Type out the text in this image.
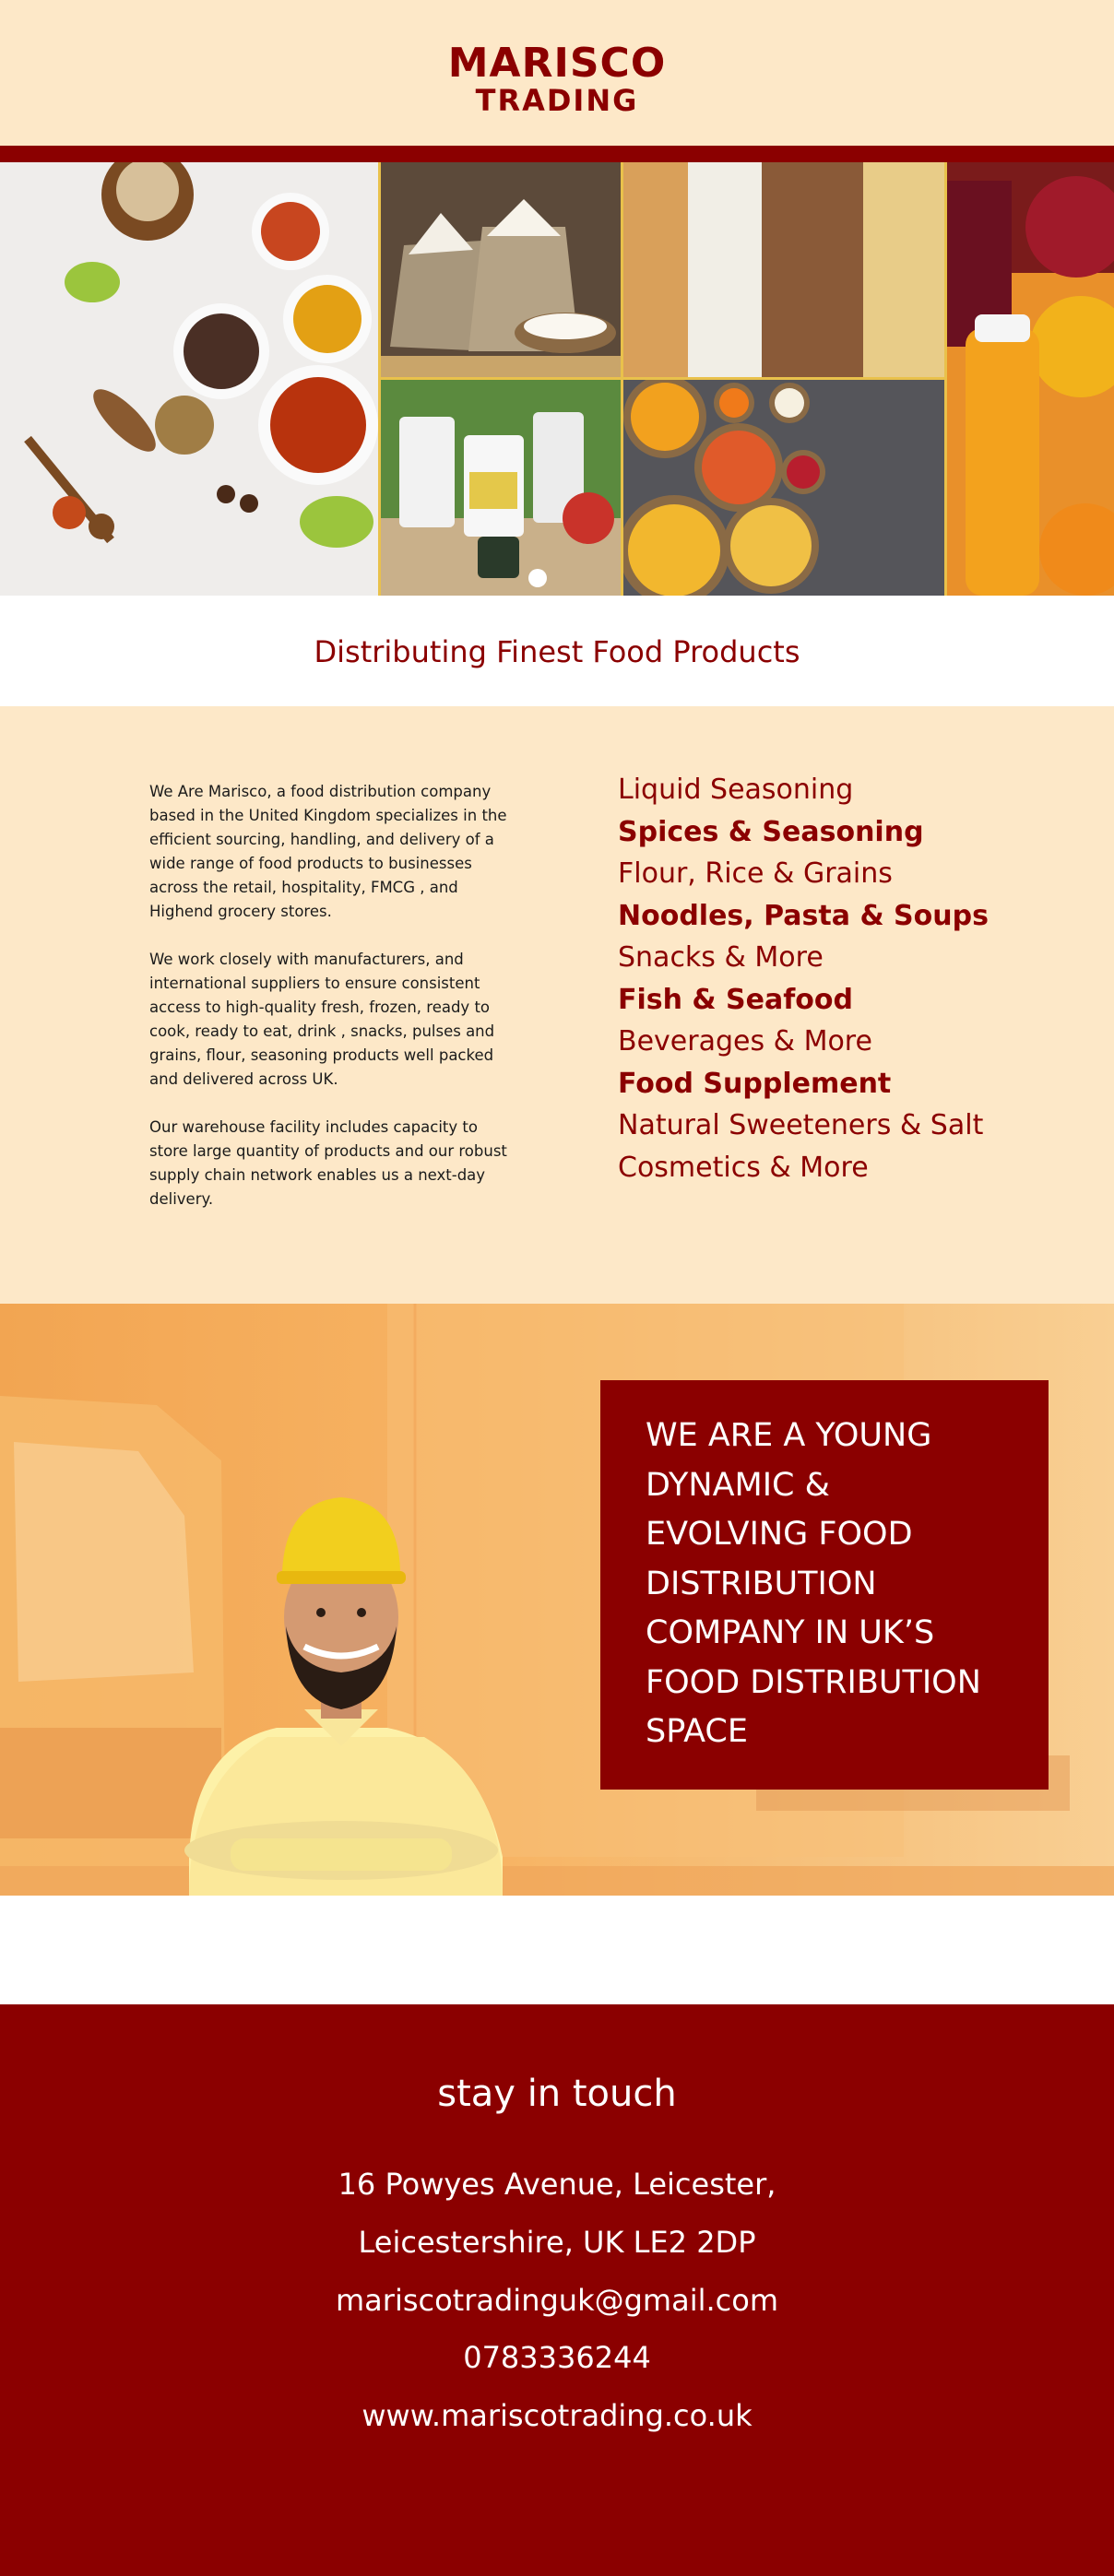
MARISCO
TRADING
Distributing Finest Food Products

We Are Marisco, a food distribution company based in the United Kingdom specializes in the efficient sourcing, handling, and delivery of a wide range of food products to businesses across the retail, hospitality, FMCG , and Highend grocery stores.

We work closely with manufacturers, and international suppliers to ensure consistent access to high-quality fresh, frozen, ready to cook, ready to eat, drink , snacks, pulses and grains, flour, seasoning products well packed and delivered across UK.

Our warehouse facility includes capacity to store large quantity of products and our robust supply chain network enables us a next-day delivery.

Liquid Seasoning
Spices & Seasoning
Flour, Rice & Grains
Noodles, Pasta & Soups
Snacks & More
Fish & Seafood
Beverages & More
Food Supplement
Natural Sweeteners & Salt
Cosmetics & More
WE ARE A YOUNG
DYNAMIC &
EVOLVING FOOD
DISTRIBUTION
COMPANY IN UK’S
FOOD DISTRIBUTION
SPACE
stay in touch
16 Powyes Avenue, Leicester,
Leicestershire, UK LE2 2DP
mariscotradinguk@gmail.com
0783336244
www.mariscotrading.co.uk
